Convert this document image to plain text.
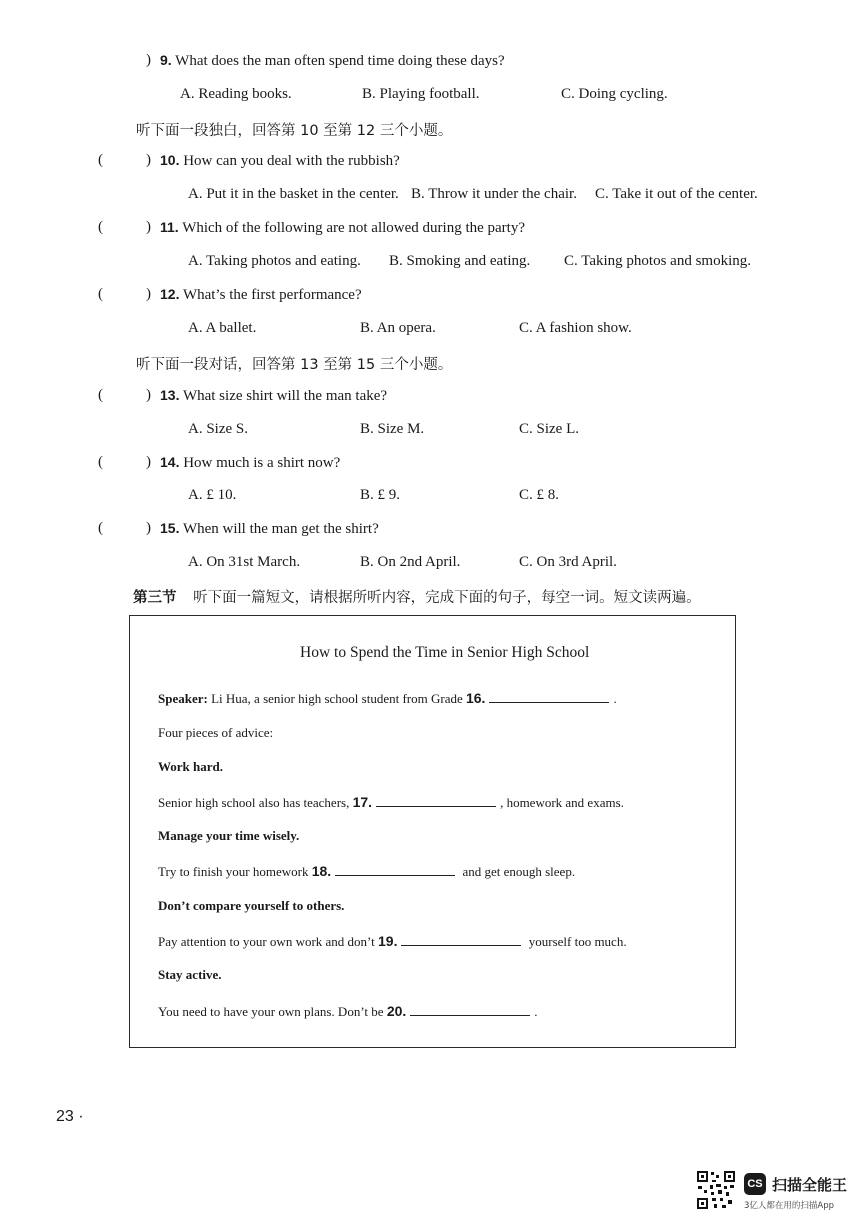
) 9. What does the man often spend time doing these days?
A. Reading books.	B. Playing football.	C. Doing cycling.
听下面一段独白，回答第 10 至第 12 三个小题。
(	) 10. How can you deal with the rubbish?
A. Put it in the basket in the center. B. Throw it under the chair. C. Take it out of the center.
(	) 11. Which of the following are not allowed during the party?
A. Taking photos and eating. B. Smoking and eating. C. Taking photos and smoking.
(	) 12. What’s the first performance?
A. A ballet.	B. An opera.	C. A fashion show.
听下面一段对话，回答第 13 至第 15 三个小题。
(	) 13. What size shirt will the man take?
A. Size S.	B. Size M.	C. Size L.
(	) 14. How much is a shirt now?
A. £ 10.	B. £ 9.	C. £ 8.
(	) 15. When will the man get the shirt?
A. On 31st March.	B. On 2nd April.	C. On 3rd April.
第三节 听下面一篇短文，请根据所听内容，完成下面的句子，每空一词。短文读两遍。
How to Spend the Time in Senior High School
Speaker: Li Hua, a senior high school student from Grade 16.	.
Four pieces of advice:
Work hard.
Senior high school also has teachers, 17.	, homework and exams.
Manage your time wisely.
Try to finish your homework 18.	and get enough sleep.
Don’t compare yourself to others.
Pay attention to your own work and don’t 19.	yourself too much.
Stay active.
You need to have your own plans. Don’t be 20.	.
23 ·
CS 扫描全能王
3亿人都在用的扫描App
